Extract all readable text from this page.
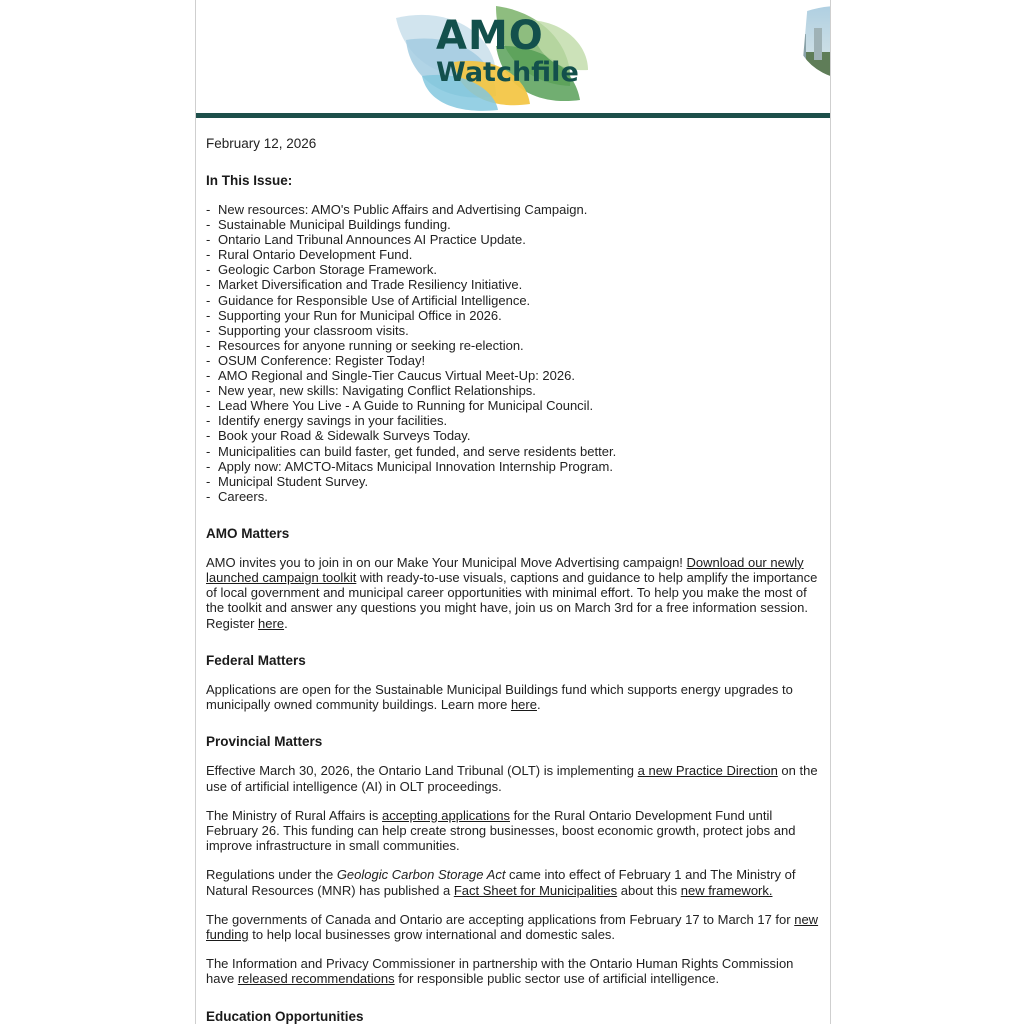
AMO
Watchfile
February 12, 2026
In This Issue:
- New resources: AMO's Public Affairs and Advertising Campaign.
- Sustainable Municipal Buildings funding.
- Ontario Land Tribunal Announces AI Practice Update.
- Rural Ontario Development Fund.
- Geologic Carbon Storage Framework.
- Market Diversification and Trade Resiliency Initiative.
- Guidance for Responsible Use of Artificial Intelligence.
- Supporting your Run for Municipal Office in 2026.
- Supporting your classroom visits.
- Resources for anyone running or seeking re-election.
- OSUM Conference: Register Today!
- AMO Regional and Single-Tier Caucus Virtual Meet-Up: 2026.
- New year, new skills: Navigating Conflict Relationships.
- Lead Where You Live - A Guide to Running for Municipal Council.
- Identify energy savings in your facilities.
- Book your Road & Sidewalk Surveys Today.
- Municipalities can build faster, get funded, and serve residents better.
- Apply now: AMCTO-Mitacs Municipal Innovation Internship Program.
- Municipal Student Survey.
- Careers.
AMO Matters

AMO invites you to join in on our Make Your Municipal Move Advertising campaign! Download our newly launched campaign toolkit with ready-to-use visuals, captions and guidance to help amplify the importance of local government and municipal career opportunities with minimal effort. To help you make the most of the toolkit and answer any questions you might have, join us on March 3rd for a free information session. Register here.

Federal Matters

Applications are open for the Sustainable Municipal Buildings fund which supports energy upgrades to municipally owned community buildings. Learn more here.

Provincial Matters

Effective March 30, 2026, the Ontario Land Tribunal (OLT) is implementing a new Practice Direction on the use of artificial intelligence (AI) in OLT proceedings.

The Ministry of Rural Affairs is accepting applications for the Rural Ontario Development Fund until February 26. This funding can help create strong businesses, boost economic growth, protect jobs and improve infrastructure in small communities.

Regulations under the Geologic Carbon Storage Act came into effect of February 1 and The Ministry of Natural Resources (MNR) has published a Fact Sheet for Municipalities about this new framework.

The governments of Canada and Ontario are accepting applications from February 17 to March 17 for new funding to help local businesses grow international and domestic sales.

The Information and Privacy Commissioner in partnership with the Ontario Human Rights Commission have released recommendations for responsible public sector use of artificial intelligence.

Education Opportunities
